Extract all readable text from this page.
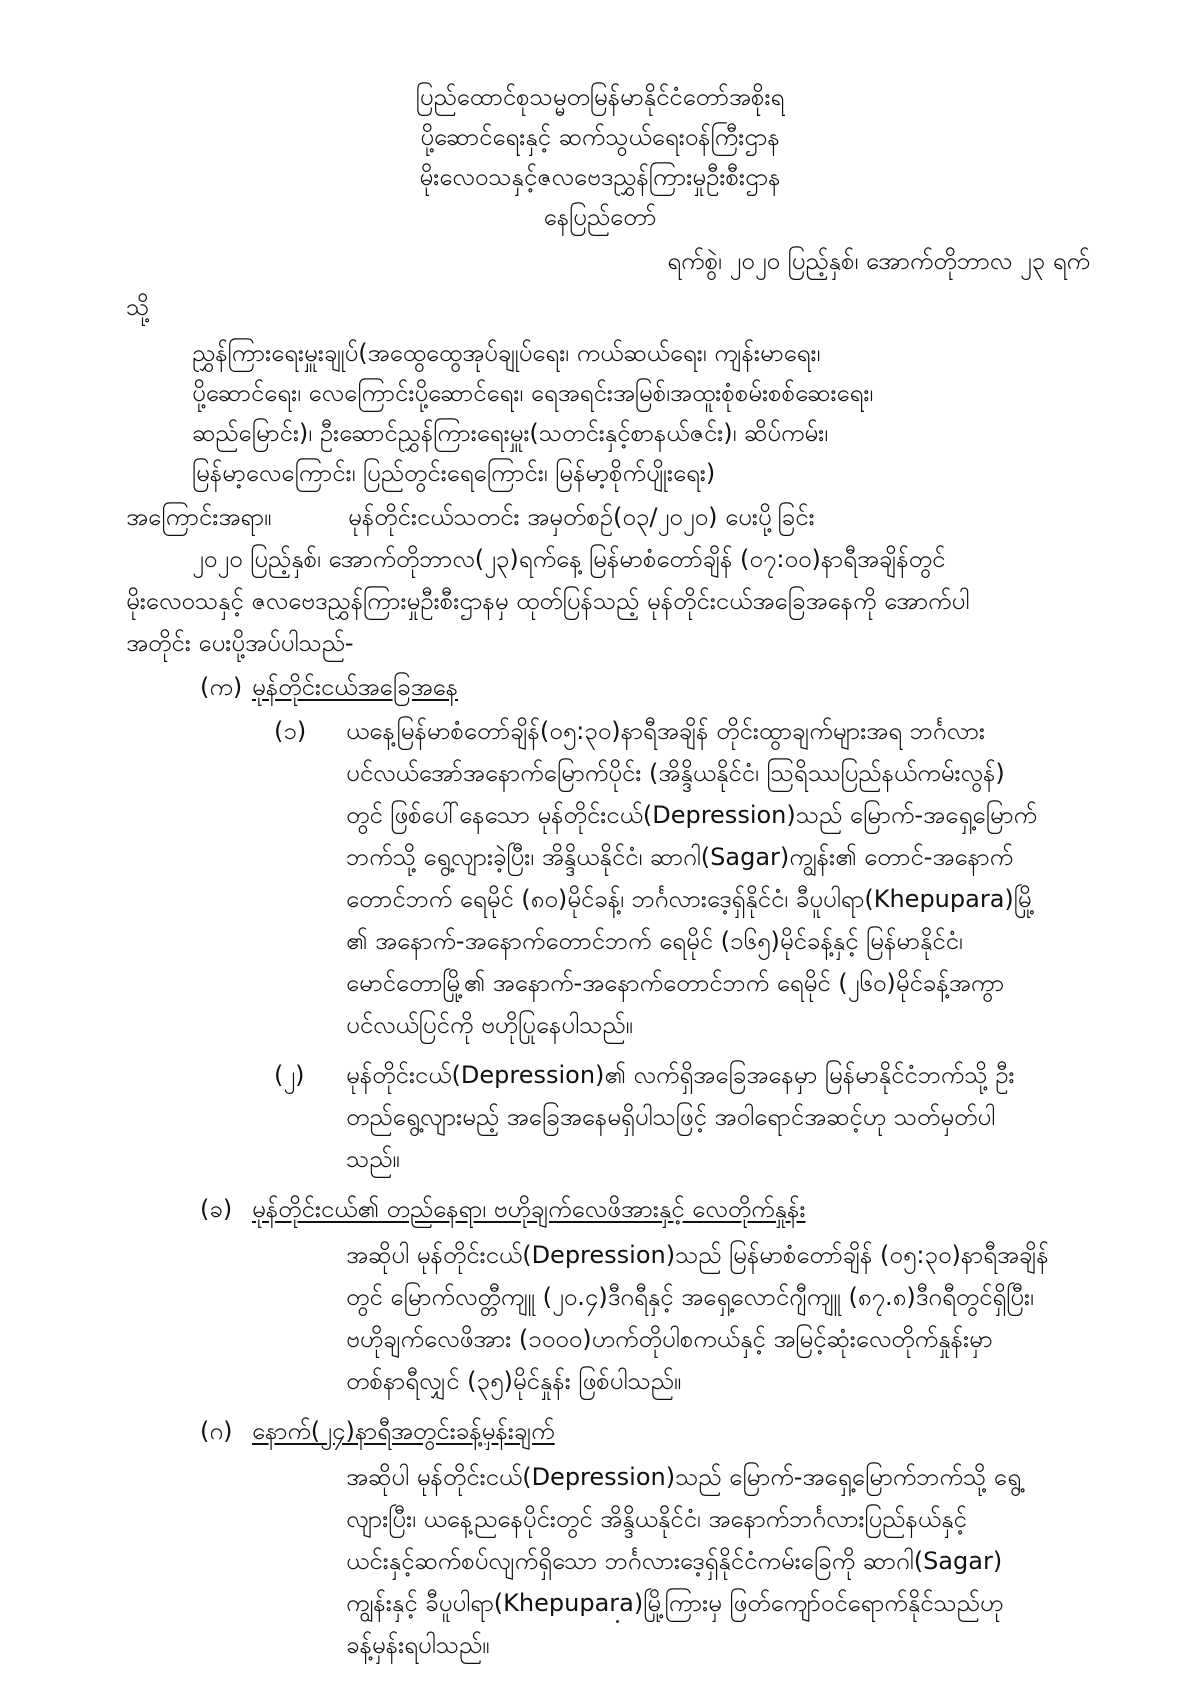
ပြည်ထောင်စုသမ္မတမြန်မာနိုင်ငံတော်အစိုးရ
ပို့ဆောင်ရေးနှင့် ဆက်သွယ်ရေးဝန်ကြီးဌာန
မိုးလေဝသနှင့်ဇလဗေဒညွှန်ကြားမှုဦးစီးဌာန
နေပြည်တော်
ရက်စွဲ၊ ၂၀၂၀ ပြည့်နှစ်၊ အောက်တိုဘာလ ၂၃ ရက်
သို့
ညွှန်ကြားရေးမှူးချုပ်(အထွေထွေအုပ်ချုပ်ရေး၊ ကယ်ဆယ်ရေး၊ ကျန်းမာရေး၊
ပို့ဆောင်ရေး၊ လေကြောင်းပို့ဆောင်ရေး၊ ရေအရင်းအမြစ်၊အထူးစုံစမ်းစစ်ဆေးရေး၊
ဆည်မြောင်း)၊ ဦးဆောင်ညွှန်ကြားရေးမှူး(သတင်းနှင့်စာနယ်ဇင်း)၊ ဆိပ်ကမ်း၊
မြန်မာ့လေကြောင်း၊ ပြည်တွင်းရေကြောင်း၊ မြန်မာ့စိုက်ပျိုးရေး)
အကြောင်းအရာ။	မုန်တိုင်းငယ်သတင်း အမှတ်စဉ်(၀၃/၂၀၂၀) ပေးပို့ခြင်း
၂၀၂၀ ပြည့်နှစ်၊ အောက်တိုဘာလ(၂၃)ရက်နေ့ မြန်မာစံတော်ချိန် (၀၇:၀၀)နာရီအချိန်တွင်
မိုးလေဝသနှင့် ဇလဗေဒညွှန်ကြားမှုဦးစီးဌာနမှ ထုတ်ပြန်သည့် မုန်တိုင်းငယ်အခြေအနေကို အောက်ပါ
အတိုင်း ပေးပို့အပ်ပါသည်-
(က) မုန်တိုင်းငယ်အခြေအနေ
(၁) ယနေ့မြန်မာစံတော်ချိန်(၀၅:၃၀)နာရီအချိန် တိုင်းထွာချက်များအရ ဘင်္ဂလား
ပင်လယ်အော်အနောက်မြောက်ပိုင်း (အိန္ဒိယနိုင်ငံ၊ ဩရိဿပြည်နယ်ကမ်းလွန်)
တွင် ဖြစ်ပေါ်နေသော မုန်တိုင်းငယ်(Depression)သည် မြောက်-အရှေ့မြောက်
ဘက်သို့ ရွေ့လျားခဲ့ပြီး၊ အိန္ဒိယနိုင်ငံ၊ ဆာဂါ(Sagar)ကျွန်း၏ တောင်-အနောက်
တောင်ဘက် ရေမိုင် (၈၀)မိုင်ခန့်၊ ဘင်္ဂလားဒေ့ရှ်နိုင်ငံ၊ ခီပူပါရာ(Khepupara)မြို့
၏ အနောက်-အနောက်တောင်ဘက် ရေမိုင် (၁၆၅)မိုင်ခန့်နှင့် မြန်မာနိုင်ငံ၊
မောင်တောမြို့၏ အနောက်-အနောက်တောင်ဘက် ရေမိုင် (၂၆၀)မိုင်ခန့်အကွာ
ပင်လယ်ပြင်ကို ဗဟိုပြုနေပါသည်။
(၂) မုန်တိုင်းငယ်(Depression)၏ လက်ရှိအခြေအနေမှာ မြန်မာနိုင်ငံဘက်သို့ ဦး
တည်ရွေ့လျားမည့် အခြေအနေမရှိပါသဖြင့် အဝါရောင်အဆင့်ဟု သတ်မှတ်ပါ
သည်။
(ခ) မုန်တိုင်းငယ်၏ တည်နေရာ၊ ဗဟိုချက်လေဖိအားနှင့် လေတိုက်နှုန်း
အဆိုပါ မုန်တိုင်းငယ်(Depression)သည် မြန်မာစံတော်ချိန် (၀၅:၃၀)နာရီအချိန်
တွင် မြောက်လတ္တီကျူ (၂၀.၄)ဒီဂရီနှင့် အရှေ့လောင်ဂျီကျူ (၈၇.၈)ဒီဂရီတွင်ရှိပြီး၊
ဗဟိုချက်လေဖိအား (၁၀၀၀)ဟက်တိုပါစကယ်နှင့် အမြင့်ဆုံးလေတိုက်နှုန်းမှာ
တစ်နာရီလျှင် (၃၅)မိုင်နှုန်း ဖြစ်ပါသည်။
(ဂ) နောက်(၂၄)နာရီအတွင်းခန့်မှန်းချက်
အဆိုပါ မုန်တိုင်းငယ်(Depression)သည် မြောက်-အရှေ့မြောက်ဘက်သို့ ရွေ့
လျားပြီး၊ ယနေ့ညနေပိုင်းတွင် အိန္ဒိယနိုင်ငံ၊ အနောက်ဘင်္ဂလားပြည်နယ်နှင့်
ယင်းနှင့်ဆက်စပ်လျက်ရှိသော ဘင်္ဂလားဒေ့ရှ်နိုင်ငံကမ်းခြေကို ဆာဂါ(Sagar)
ကျွန်းနှင့် ခီပူပါရာ(Khepupara)မြို့ကြားမှ ဖြတ်ကျော်ဝင်ရောက်နိုင်သည်ဟု
ခန့်မှန်းရပါသည်။
